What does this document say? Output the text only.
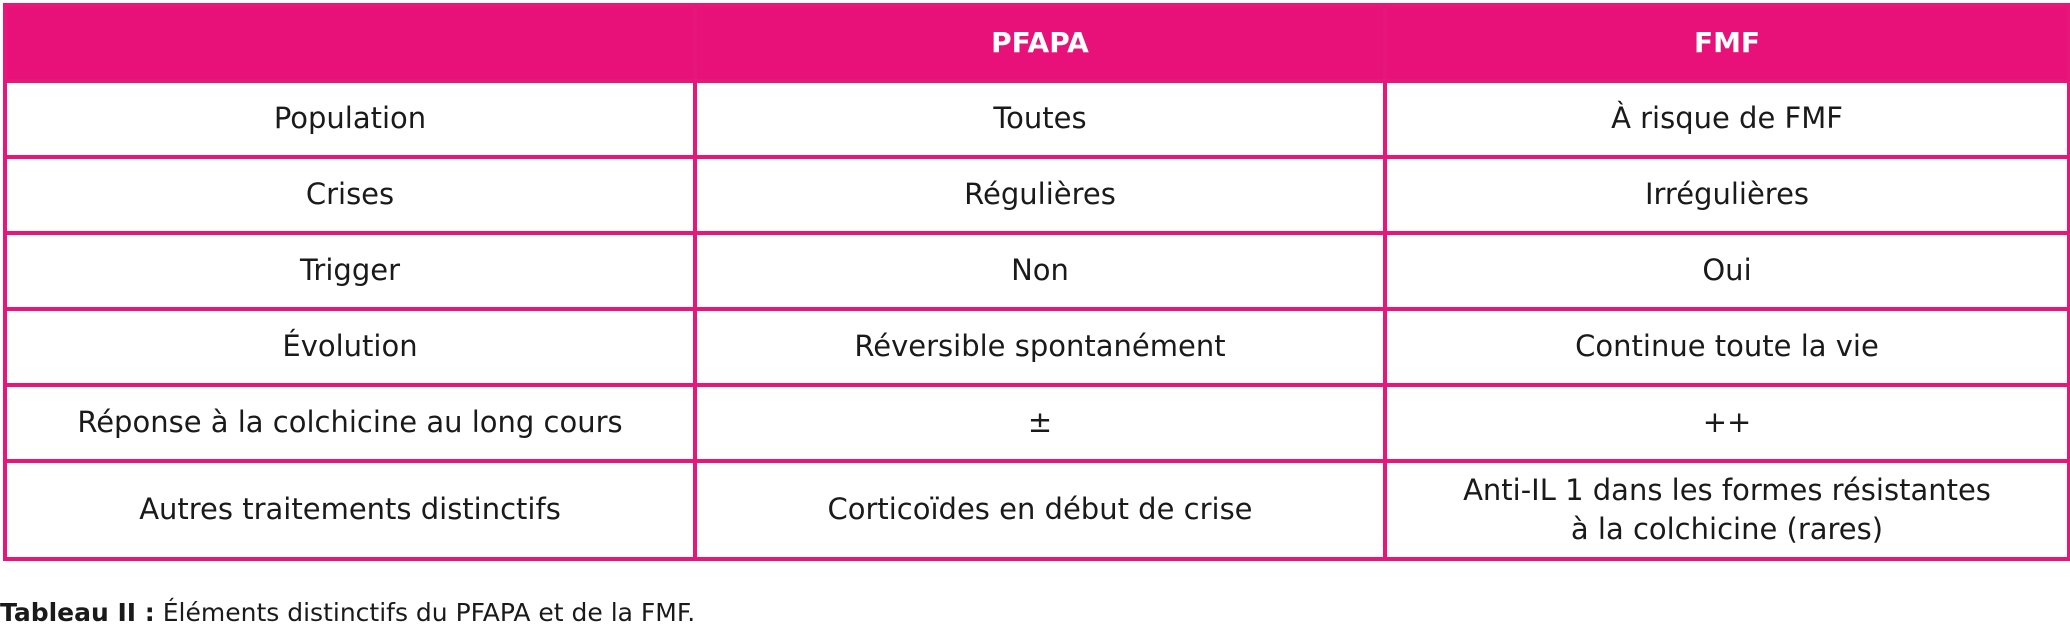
	PFAPA	FMF
Population	Toutes	À risque de FMF
Crises	Régulières	Irrégulières
Trigger	Non	Oui
Évolution	Réversible spontanément	Continue toute la vie
Réponse à la colchicine au long cours	±	++
Autres traitements distinctifs	Corticoïdes en début de crise	Anti-IL 1 dans les formes résistantes
à la colchicine (rares)
Tableau II : Éléments distinctifs du PFAPA et de la FMF.
